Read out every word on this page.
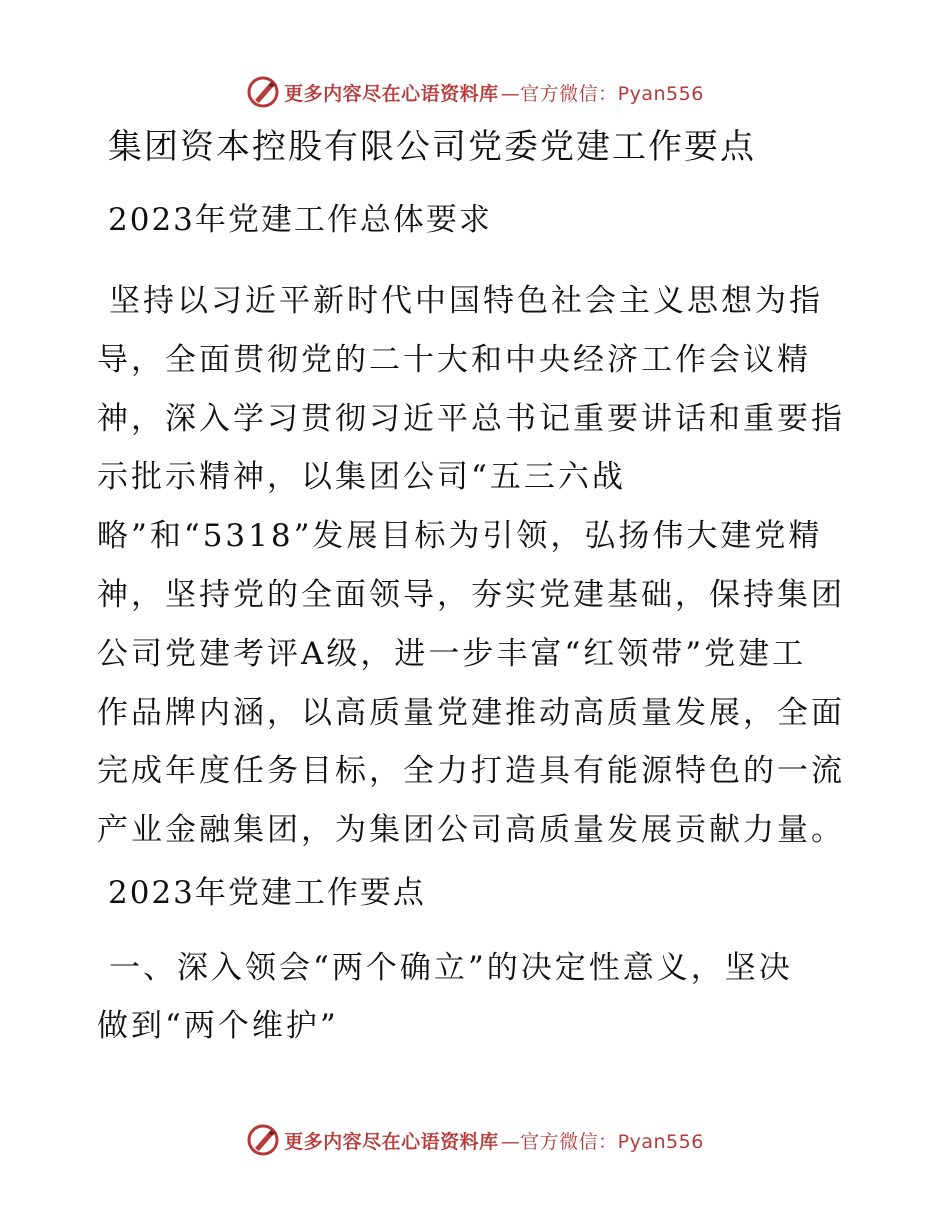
更多内容尽在心语资料库 —官方微信：Pyan556
集团资本控股有限公司党委党建工作要点
2023年党建工作总体要求

坚持以习近平新时代中国特色社会主义思想为指
导，全面贯彻党的二十大和中央经济工作会议精
神，深入学习贯彻习近平总书记重要讲话和重要指
示批示精神，以集团公司“五三六战
略”和“5318”发展目标为引领，弘扬伟大建党精
神，坚持党的全面领导，夯实党建基础，保持集团
公司党建考评A级，进一步丰富“红领带”党建工
作品牌内涵，以高质量党建推动高质量发展，全面
完成年度任务目标，全力打造具有能源特色的一流
产业金融集团，为集团公司高质量发展贡献力量。

2023年党建工作要点

一、深入领会“两个确立”的决定性意义，坚决
做到“两个维护”

更多内容尽在心语资料库 —官方微信：Pyan556
